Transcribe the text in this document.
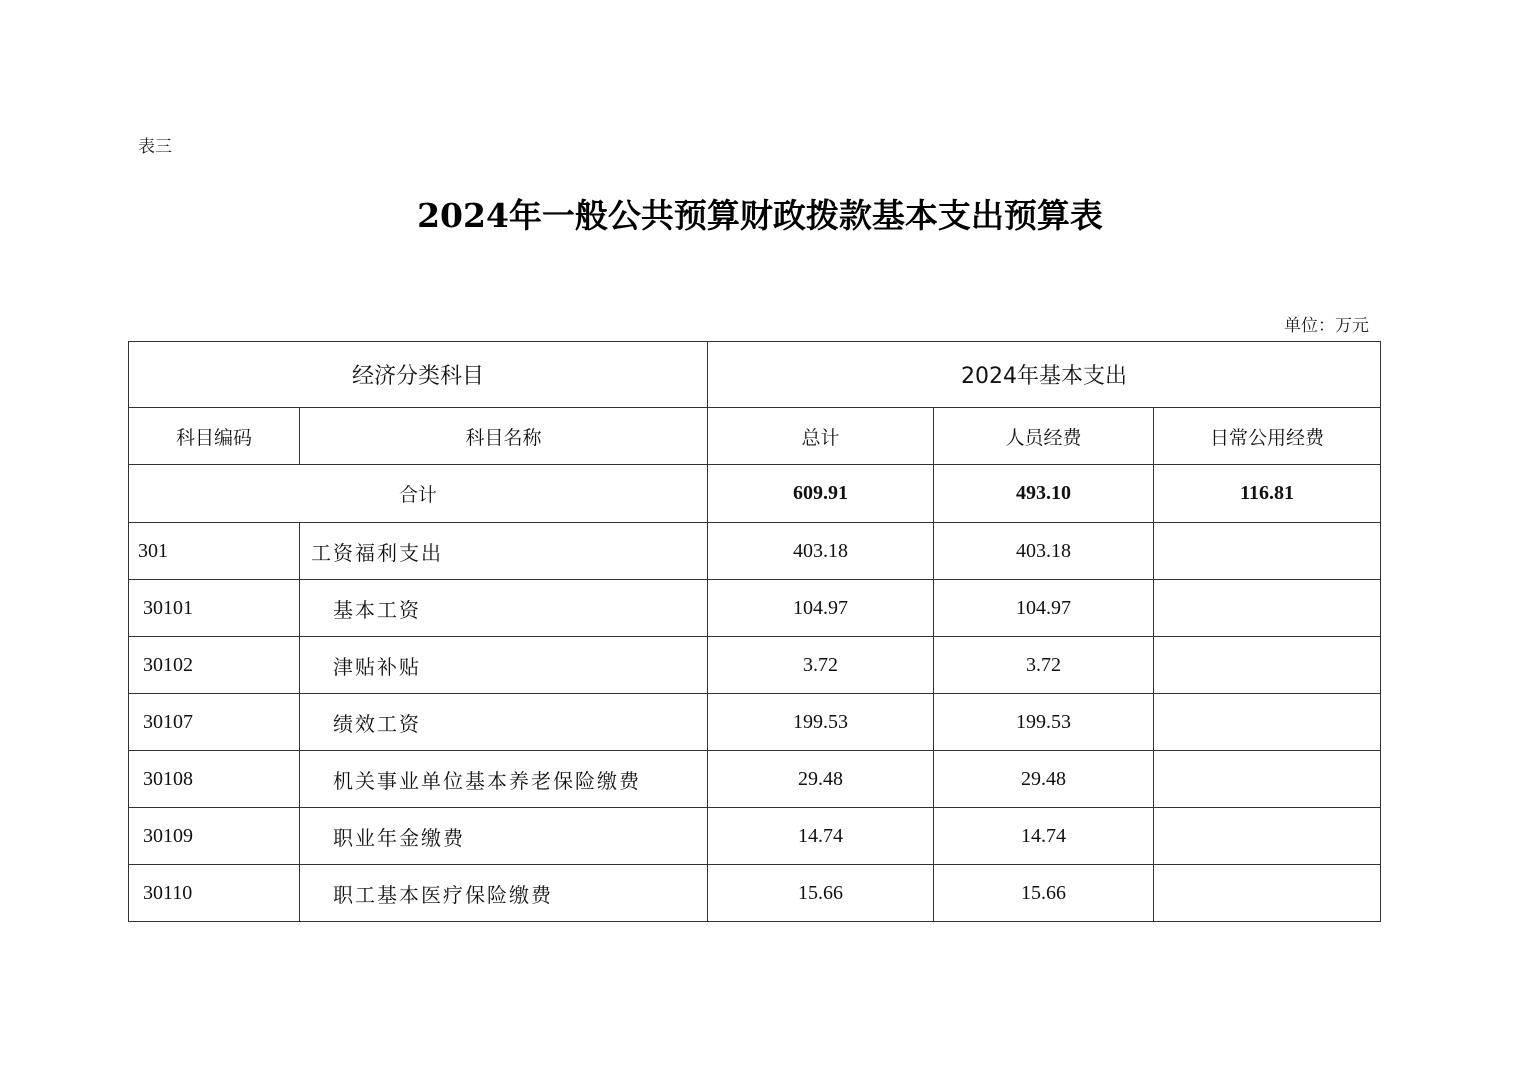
表三
2024年一般公共预算财政拨款基本支出预算表
单位：万元
经济分类科目		2024年基本支出		
科目编码	科目名称	总计	人员经费	日常公用经费
合计		609.91	493.10	116.81
301	工资福利支出	403.18	403.18	
30101	基本工资	104.97	104.97	
30102	津贴补贴	3.72	3.72	
30107	绩效工资	199.53	199.53	
30108	机关事业单位基本养老保险缴费	29.48	29.48	
30109	职业年金缴费	14.74	14.74	
30110	职工基本医疗保险缴费	15.66	15.66	
